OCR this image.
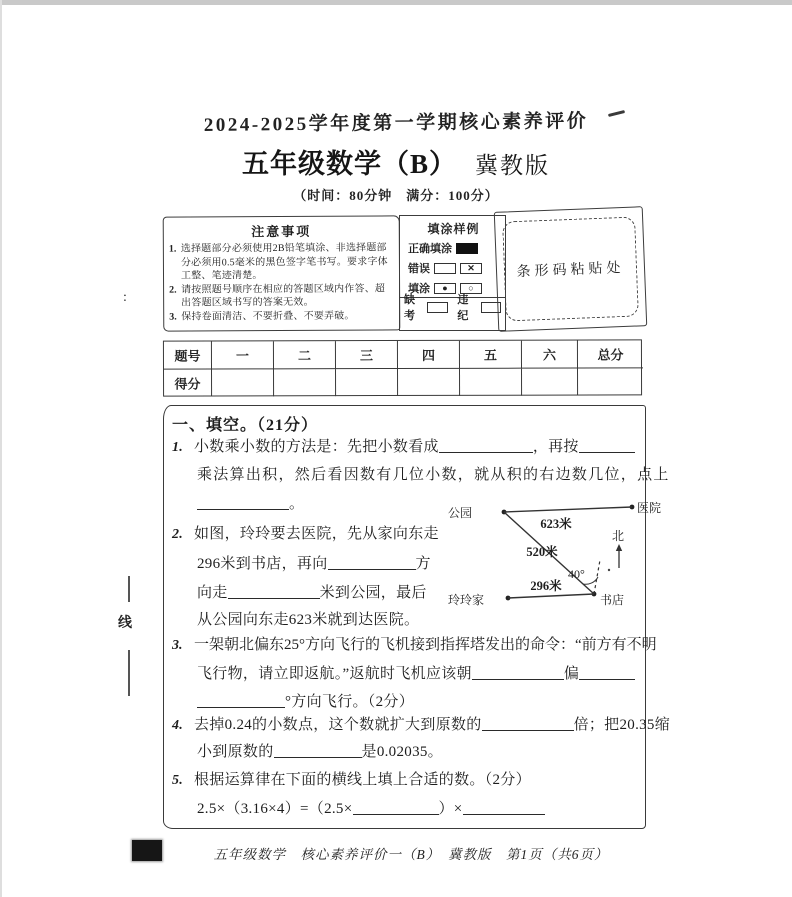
2024-2025学年度第一学期核心素养评价
五年级数学（B） 冀教版
（时间：80分钟　满分：100分）
注意事项
1. 选择题部分必须使用2B铅笔填涂、非选择题部分必须用0.5毫米的黑色签字笔书写。要求字体工整、笔迹清楚。
2. 请按照题号顺序在相应的答题区域内作答、超出答题区域书写的答案无效。
3. 保持卷面清洁、不要折叠、不要弄破。
填涂样例
正确填涂
错误	✕
填涂	●	○
缺考
违纪
条形码粘贴处
题号	一	二	三	四	五	六	总分
得分
一、填空。（21分）
1. 小数乘小数的方法是：先把小数看成	，再按
乘法算出积，然后看因数有几位小数，就从积的右边数几位，点上
。
2. 如图，玲玲要去医院，先从家向东走
296米到书店，再向	方
向走	米到公园，最后
从公园向东走623米就到达医院。
公园	医院
玲玲家	书店
623米
520米
296米
40°
北
3. 一架朝北偏东25°方向飞行的飞机接到指挥塔发出的命令：“前方有不明
飞行物，请立即返航。”返航时飞机应该朝	偏
°方向飞行。（2分）
4. 去掉0.24的小数点，这个数就扩大到原数的	倍；把20.35缩
小到原数的	是0.02035。
5. 根据运算律在下面的横线上填上合适的数。（2分）
2.5×（3.16×4）=（2.5×	）×
:
线
五年级数学　核心素养评价一（B）　冀教版　第1页（共6页）
